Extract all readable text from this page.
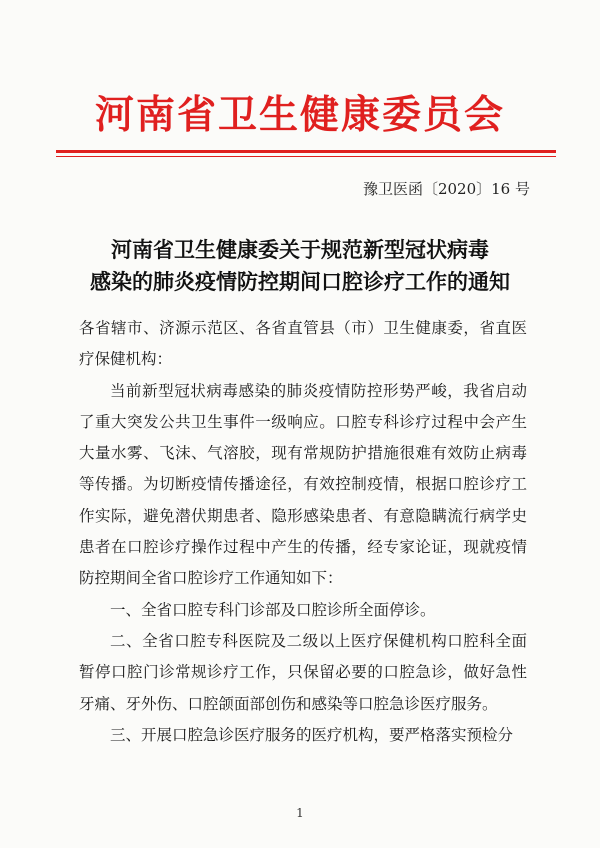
河南省卫生健康委员会
豫卫医函〔2020〕16 号
河南省卫生健康委关于规范新型冠状病毒
感染的肺炎疫情防控期间口腔诊疗工作的通知

各省辖市、济源示范区、各省直管县（市）卫生健康委，省直医疗保健机构：

当前新型冠状病毒感染的肺炎疫情防控形势严峻，我省启动了重大突发公共卫生事件一级响应。口腔专科诊疗过程中会产生大量水雾、飞沫、气溶胶，现有常规防护措施很难有效防止病毒等传播。为切断疫情传播途径，有效控制疫情，根据口腔诊疗工作实际，避免潜伏期患者、隐形感染患者、有意隐瞒流行病学史患者在口腔诊疗操作过程中产生的传播，经专家论证，现就疫情防控期间全省口腔诊疗工作通知如下：

一、全省口腔专科门诊部及口腔诊所全面停诊。

二、全省口腔专科医院及二级以上医疗保健机构口腔科全面暂停口腔门诊常规诊疗工作，只保留必要的口腔急诊，做好急性牙痛、牙外伤、口腔颌面部创伤和感染等口腔急诊医疗服务。

三、开展口腔急诊医疗服务的医疗机构，要严格落实预检分

1
